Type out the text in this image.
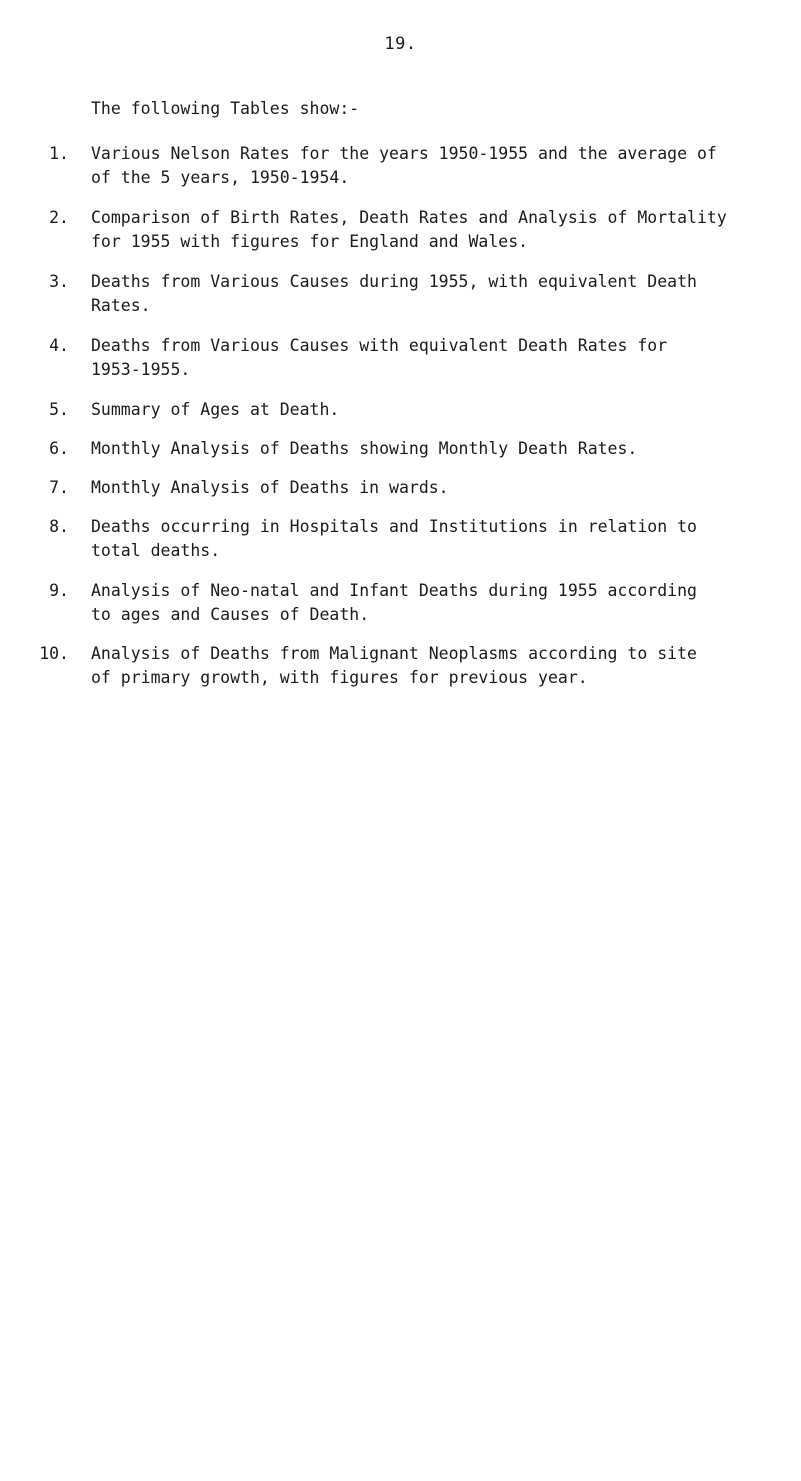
19.
The following Tables show:-
1. Various Nelson Rates for the years 1950-1955 and the average of
of the 5 years, 1950-1954.
2. Comparison of Birth Rates, Death Rates and Analysis of Mortality
for 1955 with figures for England and Wales.
3. Deaths from Various Causes during 1955, with equivalent Death
Rates.
4. Deaths from Various Causes with equivalent Death Rates for
1953-1955.
5. Summary of Ages at Death.
6. Monthly Analysis of Deaths showing Monthly Death Rates.
7. Monthly Analysis of Deaths in wards.
8. Deaths occurring in Hospitals and Institutions in relation to
total deaths.
9. Analysis of Neo-natal and Infant Deaths during 1955 according
to ages and Causes of Death.
10. Analysis of Deaths from Malignant Neoplasms according to site
of primary growth, with figures for previous year.
